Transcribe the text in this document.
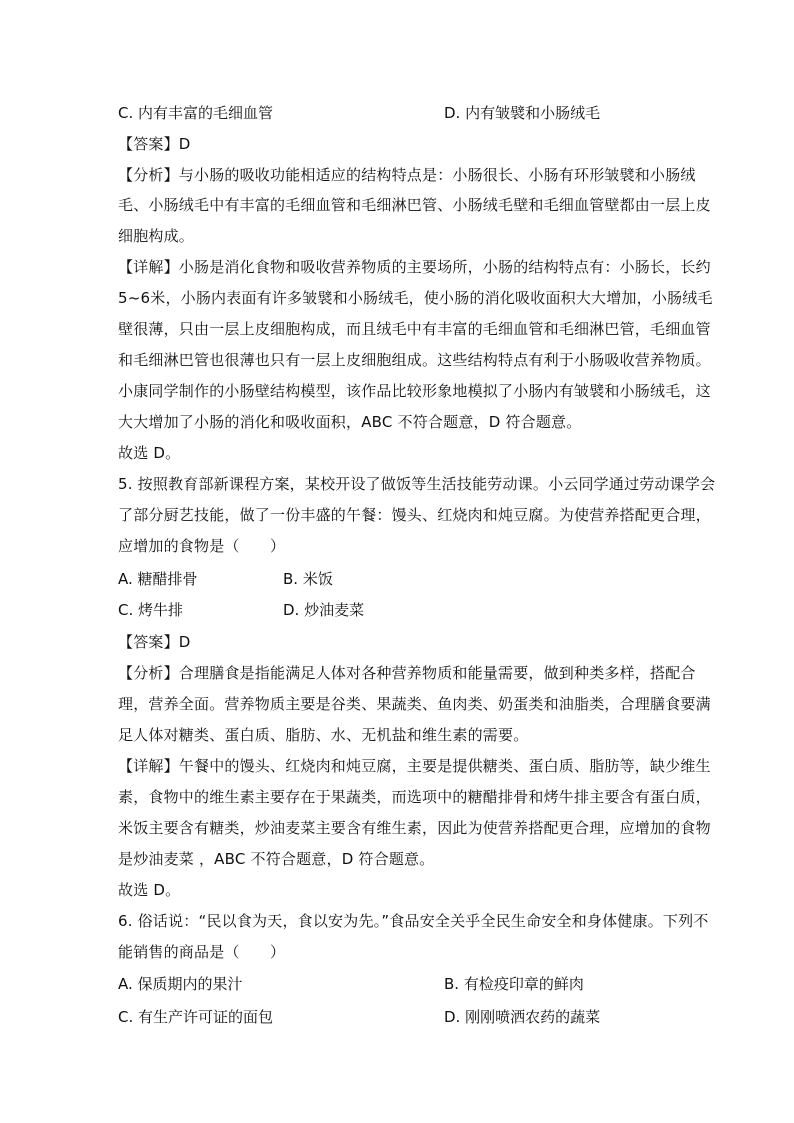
C. 内有丰富的毛细血管	D. 内有皱襞和小肠绒毛
【答案】D
【分析】与小肠的吸收功能相适应的结构特点是：小肠很长、小肠有环形皱襞和小肠绒
毛、小肠绒毛中有丰富的毛细血管和毛细淋巴管、小肠绒毛壁和毛细血管壁都由一层上皮
细胞构成。
【详解】小肠是消化食物和吸收营养物质的主要场所，小肠的结构特点有：小肠长，长约
5~6米，小肠内表面有许多皱襞和小肠绒毛，使小肠的消化吸收面积大大增加，小肠绒毛
壁很薄，只由一层上皮细胞构成，而且绒毛中有丰富的毛细血管和毛细淋巴管，毛细血管
和毛细淋巴管也很薄也只有一层上皮细胞组成。这些结构特点有利于小肠吸收营养物质。
小康同学制作的小肠壁结构模型，该作品比较形象地模拟了小肠内有皱襞和小肠绒毛，这
大大增加了小肠的消化和吸收面积，ABC 不符合题意，D 符合题意。
故选 D。
5. 按照教育部新课程方案，某校开设了做饭等生活技能劳动课。小云同学通过劳动课学会
了部分厨艺技能，做了一份丰盛的午餐：馒头、红烧肉和炖豆腐。为使营养搭配更合理，
应增加的食物是（　　）
A. 糖醋排骨	B. 米饭
C. 烤牛排	D. 炒油麦菜
【答案】D
【分析】合理膳食是指能满足人体对各种营养物质和能量需要，做到种类多样，搭配合
理，营养全面。营养物质主要是谷类、果蔬类、鱼肉类、奶蛋类和油脂类，合理膳食要满
足人体对糖类、蛋白质、脂肪、水、无机盐和维生素的需要。
【详解】午餐中的馒头、红烧肉和炖豆腐，主要是提供糖类、蛋白质、脂肪等，缺少维生
素，食物中的维生素主要存在于果蔬类，而选项中的糖醋排骨和烤牛排主要含有蛋白质，
米饭主要含有糖类，炒油麦菜主要含有维生素，因此为使营养搭配更合理，应增加的食物
是炒油麦菜 ，ABC 不符合题意，D 符合题意。
故选 D。
6. 俗话说：“民以食为天，食以安为先。”食品安全关乎全民生命安全和身体健康。下列不
能销售的商品是（　　）
A. 保质期内的果汁	B. 有检疫印章的鲜肉
C. 有生产许可证的面包	D. 刚刚喷洒农药的蔬菜
